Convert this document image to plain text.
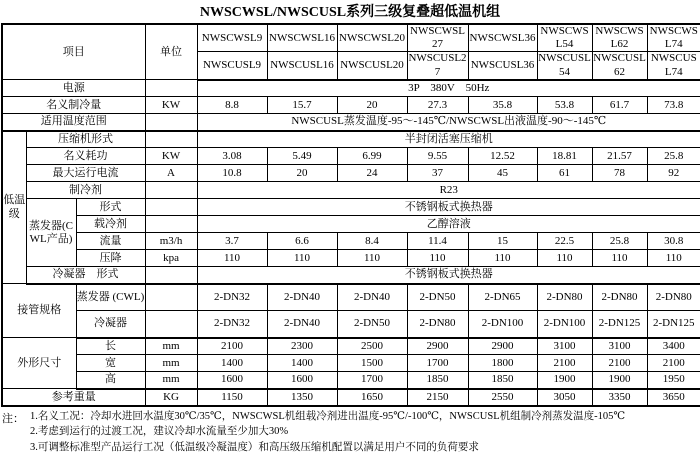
NWSCWSL/NWSCUSL系列三级复叠超低温机组
项目			单位	NWSCWSL9	NWSCWSL16	NWSCWSL20	NWSCWSL27	NWSCWSL36	NWSCWSL54	NWSCWSL62	NWSCWSL74
				NWSCUSL9	NWSCUSL16	NWSCUSL20	NWSCUSL27	NWSCUSL36	NWSCUSL54	NWSCUSL62	NWSCUSL74
电源				3P　380V　50Hz							
名义制冷量			KW	8.8	15.7	20	27.3	35.8	53.8	61.7	73.8
适用温度范围				NWSCUSL蒸发温度-95～-145℃/NWSCWSL出液温度-90～-145℃							
低温级	压缩机形式			半封闭活塞压缩机							
	名义耗功		KW	3.08	5.49	6.99	9.55	12.52	18.81	21.57	25.8
	最大运行电流		A	10.8	20	24	37	45	61	78	92
	制冷剂			R23							
	蒸发器(CWL产品)	形式		不锈钢板式换热器							
		载冷剂		乙醇溶液							
		流量	m3/h	3.7	6.6	8.4	11.4	15	22.5	25.8	30.8
		压降	kpa	110	110	110	110	110	110	110	110
	冷凝器　形式			不锈钢板式换热器							
接管规格		蒸发器 (CWL)		2-DN32	2-DN40	2-DN40	2-DN50	2-DN65	2-DN80	2-DN80	2-DN80
		冷凝器		2-DN32	2-DN40	2-DN50	2-DN80	2-DN100	2-DN100	2-DN125	2-DN125
外形尺寸		长	mm	2100	2300	2500	2900	2900	3100	3100	3400
		宽	mm	1400	1400	1500	1700	1800	2100	2100	2100
		高	mm	1600	1600	1700	1850	1850	1900	1900	1950
参考重量			KG	1150	1350	1650	2150	2550	3050	3350	3650
注： 1.名义工况：冷却水进回水温度30℃/35℃，NWSCWSL机组载冷剂进出温度-95℃/-100℃，NWSCUSL机组制冷剂蒸发温度-105℃
2.考虑到运行的过渡工况，建议冷却水流量至少加大30%
3.可调整标准型产品运行工况（低温级冷凝温度）和高压级压缩机配置以满足用户不同的负荷要求
